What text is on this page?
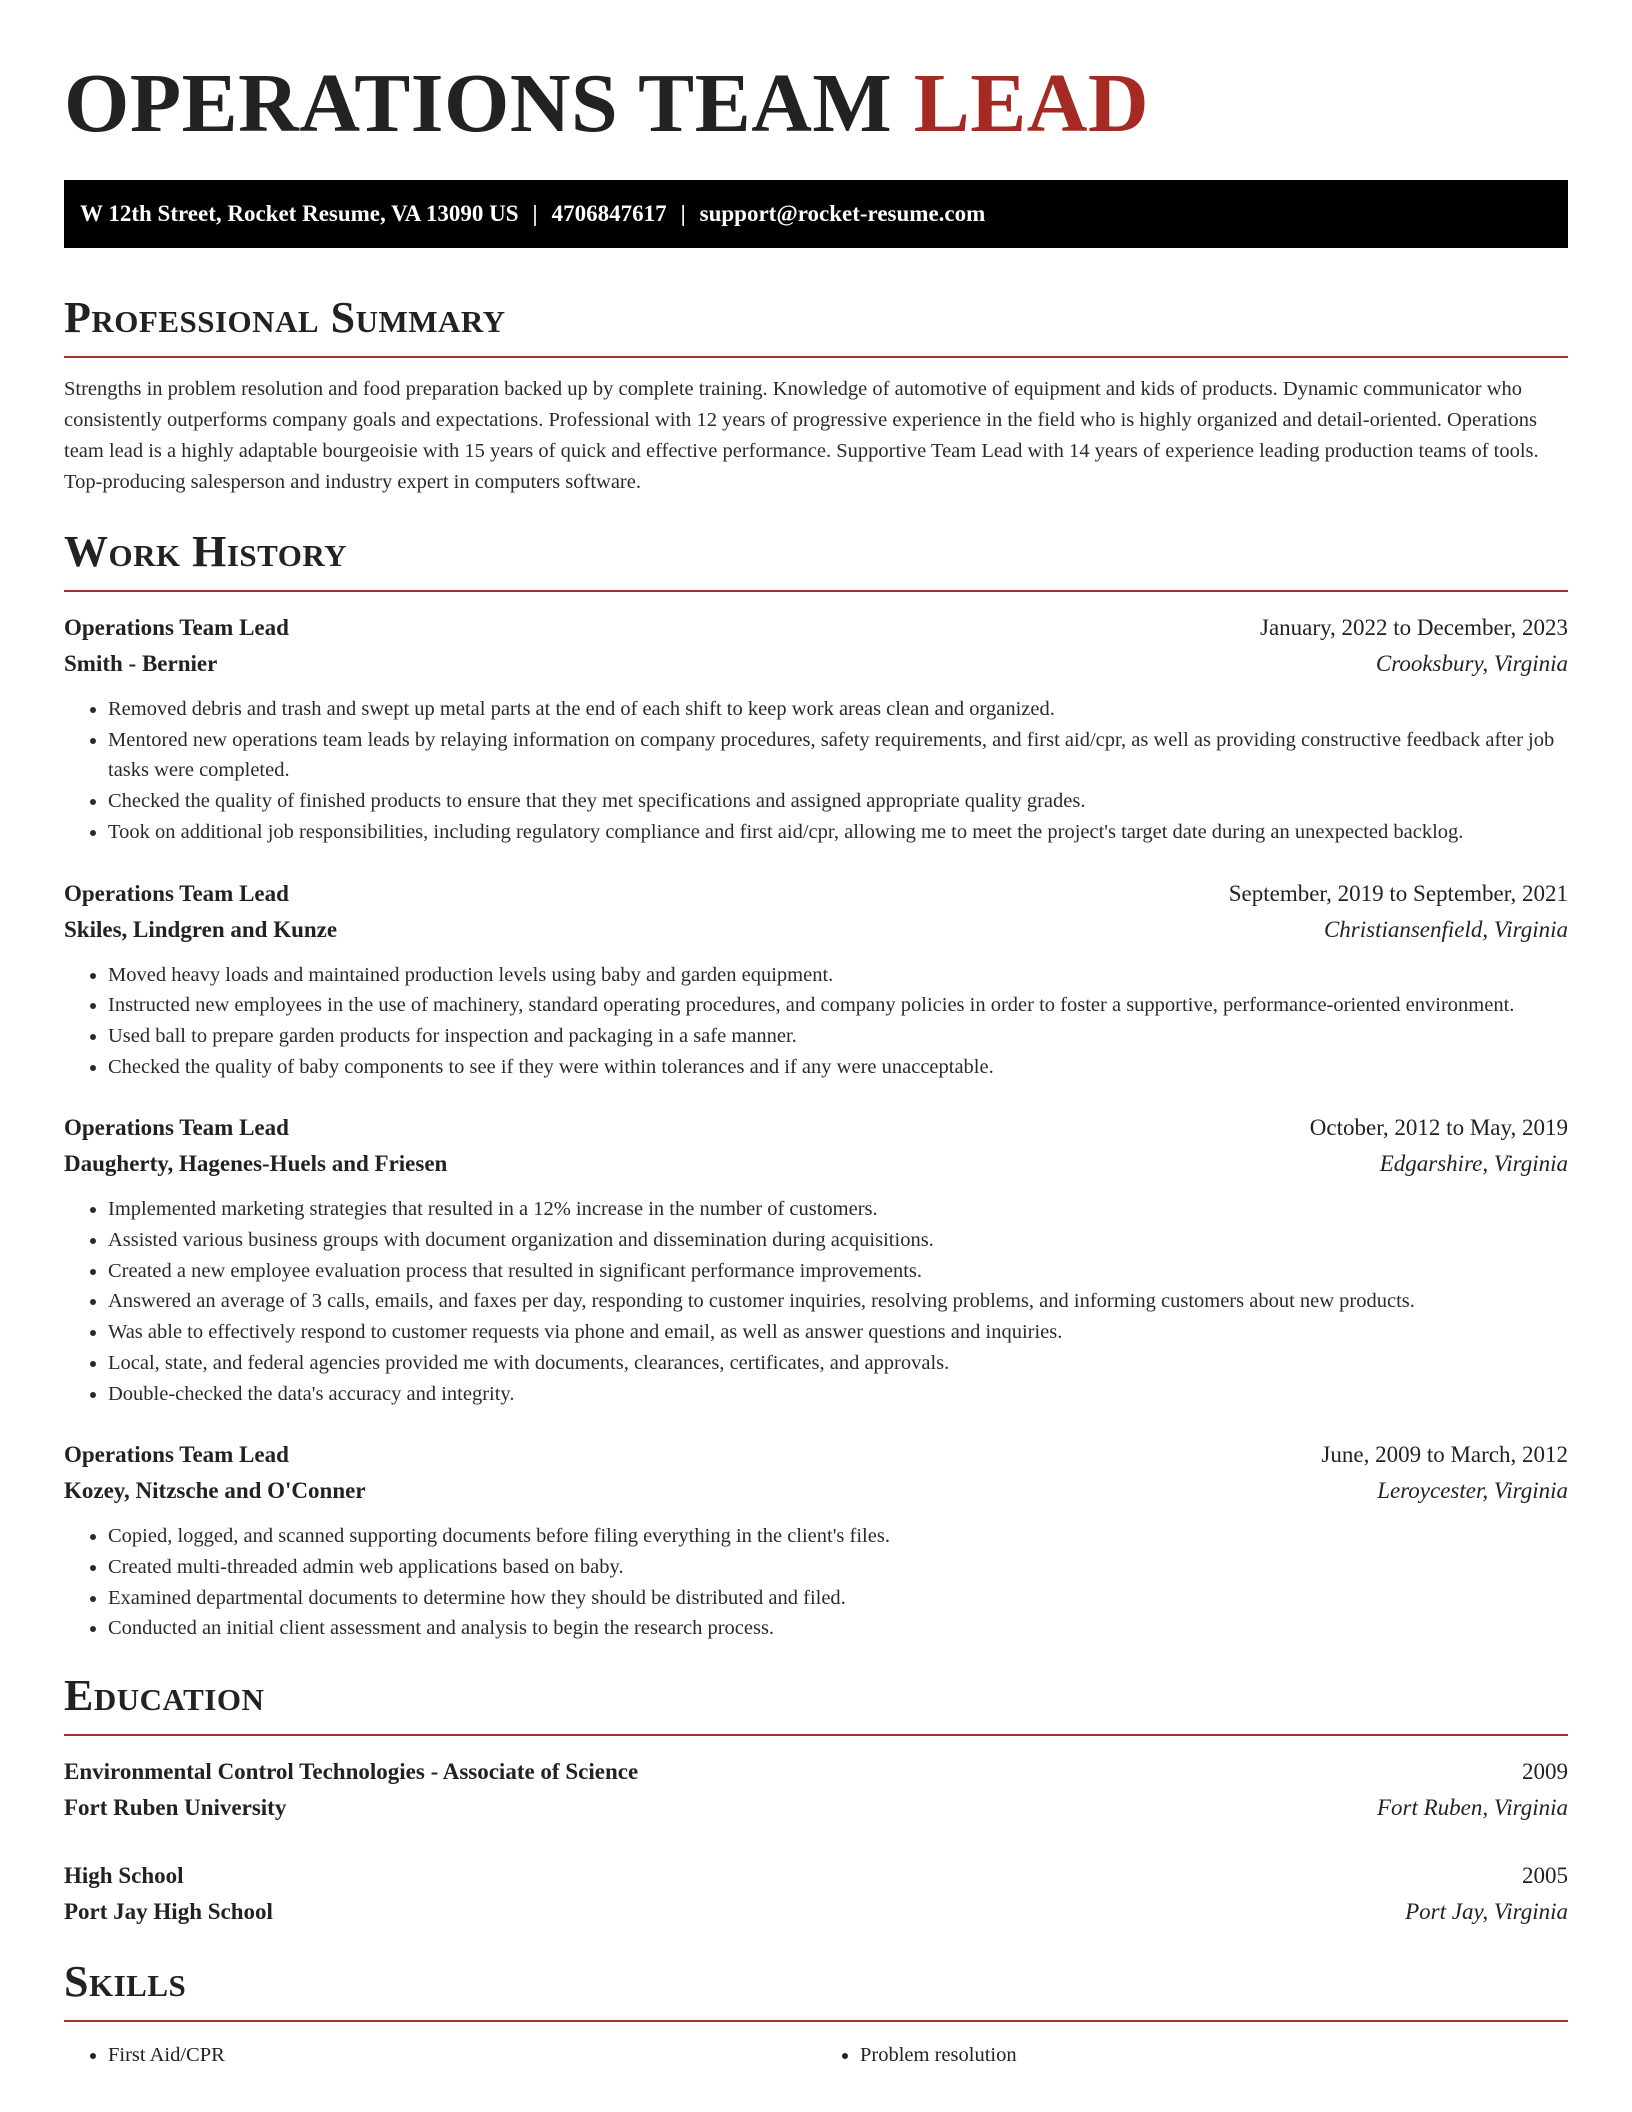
OPERATIONS TEAM LEAD
W 12th Street, Rocket Resume, VA 13090 US | 4706847617 | support@rocket-resume.com
Professional Summary

Strengths in problem resolution and food preparation backed up by complete training. Knowledge of automotive of equipment and kids of products. Dynamic communicator who consistently outperforms company goals and expectations. Professional with 12 years of progressive experience in the field who is highly organized and detail-oriented. Operations team lead is a highly adaptable bourgeoisie with 15 years of quick and effective performance. Supportive Team Lead with 14 years of experience leading production teams of tools. Top-producing salesperson and industry expert in computers software.

Work History
Operations Team Lead	January, 2022 to December, 2023
Smith - Bernier	Crooksbury, Virginia
• Removed debris and trash and swept up metal parts at the end of each shift to keep work areas clean and organized.
• Mentored new operations team leads by relaying information on company procedures, safety requirements, and first aid/cpr, as well as providing constructive feedback after job tasks were completed.
• Checked the quality of finished products to ensure that they met specifications and assigned appropriate quality grades.
• Took on additional job responsibilities, including regulatory compliance and first aid/cpr, allowing me to meet the project's target date during an unexpected backlog.
Operations Team Lead	September, 2019 to September, 2021
Skiles, Lindgren and Kunze	Christiansenfield, Virginia
• Moved heavy loads and maintained production levels using baby and garden equipment.
• Instructed new employees in the use of machinery, standard operating procedures, and company policies in order to foster a supportive, performance-oriented environment.
• Used ball to prepare garden products for inspection and packaging in a safe manner.
• Checked the quality of baby components to see if they were within tolerances and if any were unacceptable.
Operations Team Lead	October, 2012 to May, 2019
Daugherty, Hagenes-Huels and Friesen	Edgarshire, Virginia
• Implemented marketing strategies that resulted in a 12% increase in the number of customers.
• Assisted various business groups with document organization and dissemination during acquisitions.
• Created a new employee evaluation process that resulted in significant performance improvements.
• Answered an average of 3 calls, emails, and faxes per day, responding to customer inquiries, resolving problems, and informing customers about new products.
• Was able to effectively respond to customer requests via phone and email, as well as answer questions and inquiries.
• Local, state, and federal agencies provided me with documents, clearances, certificates, and approvals.
• Double-checked the data's accuracy and integrity.
Operations Team Lead	June, 2009 to March, 2012
Kozey, Nitzsche and O'Conner	Leroycester, Virginia
• Copied, logged, and scanned supporting documents before filing everything in the client's files.
• Created multi-threaded admin web applications based on baby.
• Examined departmental documents to determine how they should be distributed and filed.
• Conducted an initial client assessment and analysis to begin the research process.
Education
Environmental Control Technologies - Associate of Science	2009
Fort Ruben University	Fort Ruben, Virginia
High School	2005
Port Jay High School	Port Jay, Virginia
Skills
• First Aid/CPR
•	Problem resolution
